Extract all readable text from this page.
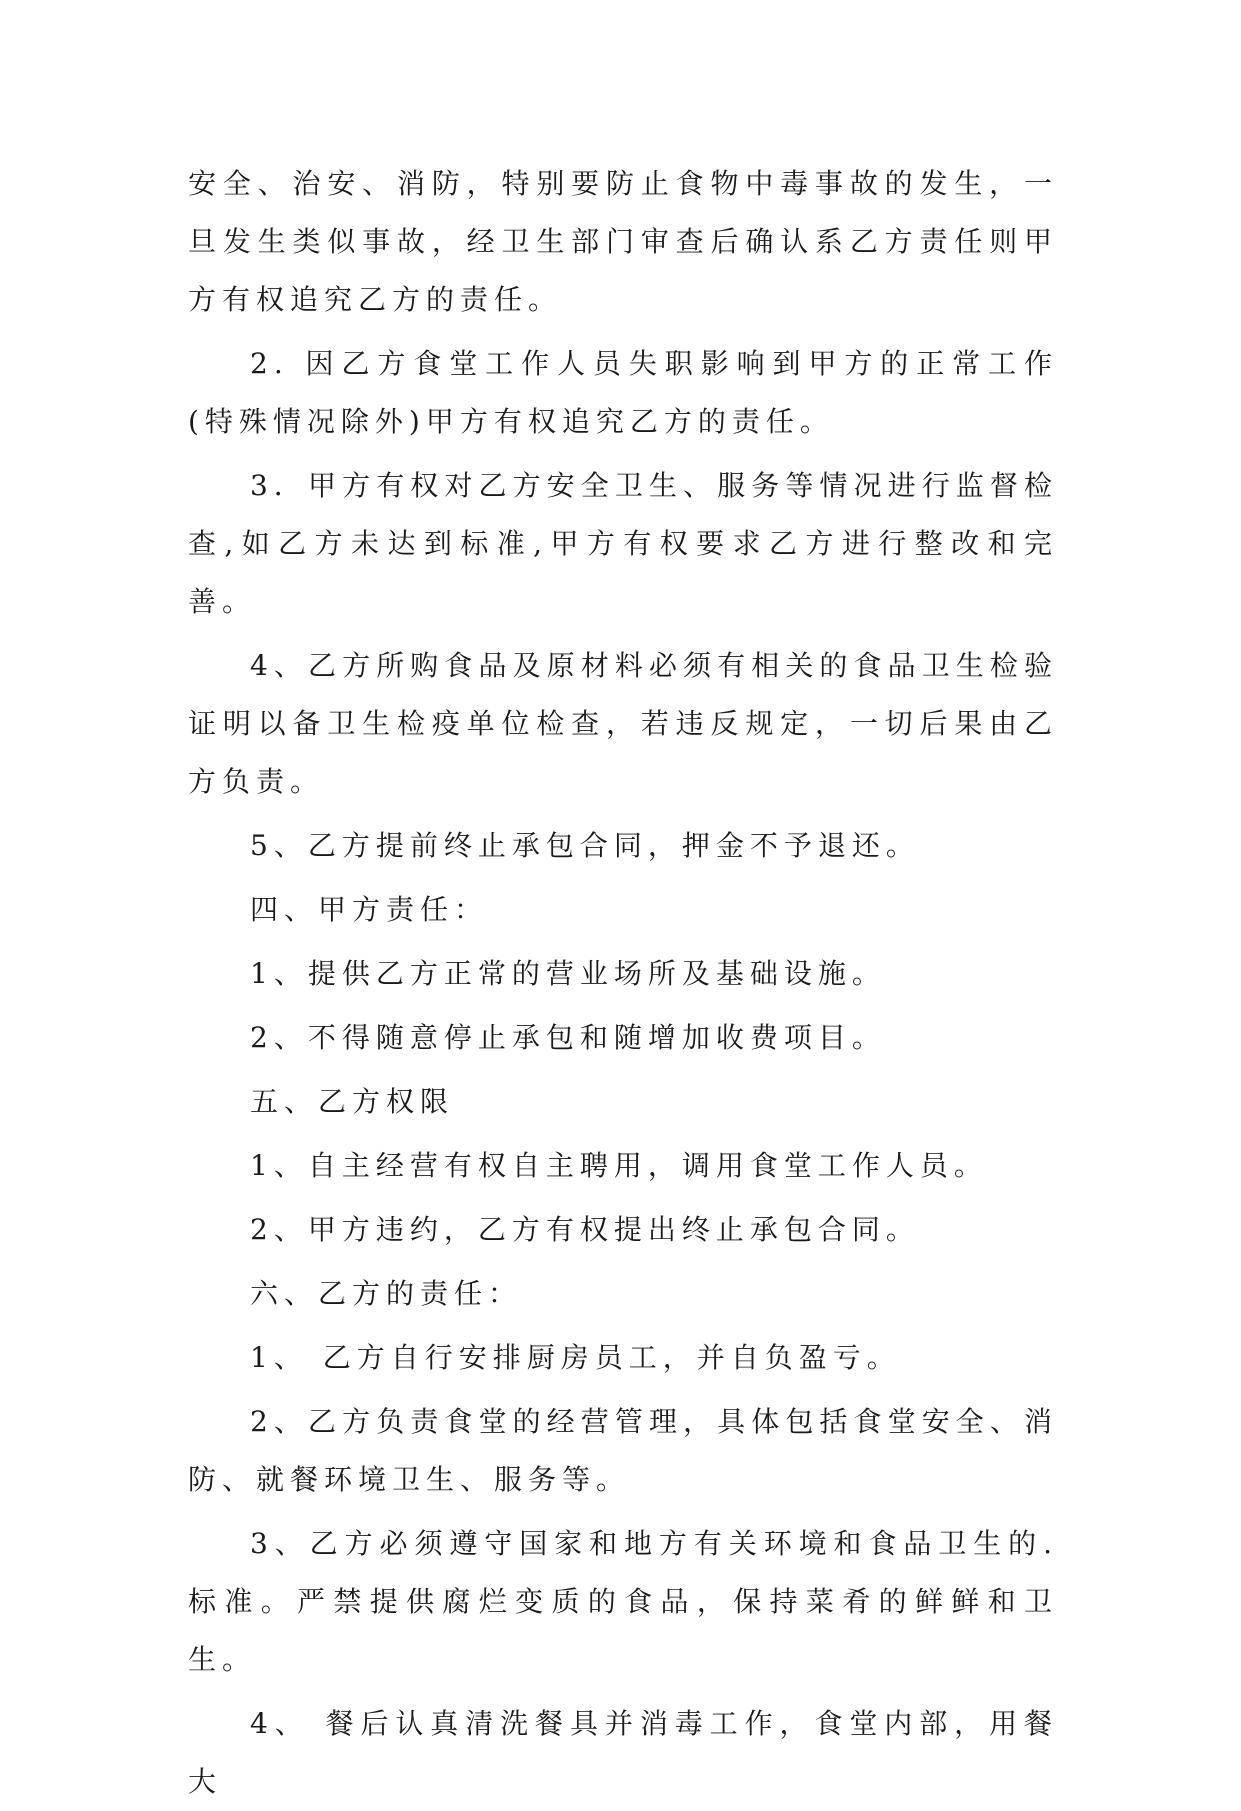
安全、治安、消防，特别要防止食物中毒事故的发生，一旦发生类似事故，经卫生部门审查后确认系乙方责任则甲方有权追究乙方的责任。

2. 因乙方食堂工作人员失职影响到甲方的正常工作(特殊情况除外)甲方有权追究乙方的责任。

3．甲方有权对乙方安全卫生、服务等情况进行监督检查,如乙方未达到标准,甲方有权要求乙方进行整改和完善。

4、乙方所购食品及原材料必须有相关的食品卫生检验证明以备卫生检疫单位检查，若违反规定，一切后果由乙方负责。

5、乙方提前终止承包合同，押金不予退还。

四、甲方责任：

1、提供乙方正常的营业场所及基础设施。

2、不得随意停止承包和随增加收费项目。

五、乙方权限

1、自主经营有权自主聘用，调用食堂工作人员。

2、甲方违约，乙方有权提出终止承包合同。

六、乙方的责任：

1、 乙方自行安排厨房员工，并自负盈亏。

2、乙方负责食堂的经营管理，具体包括食堂安全、消防、就餐环境卫生、服务等。

3、乙方必须遵守国家和地方有关环境和食品卫生的.标准。严禁提供腐烂变质的食品，保持菜肴的鲜鲜和卫生。

4、 餐后认真清洗餐具并消毒工作，食堂内部，用餐大
